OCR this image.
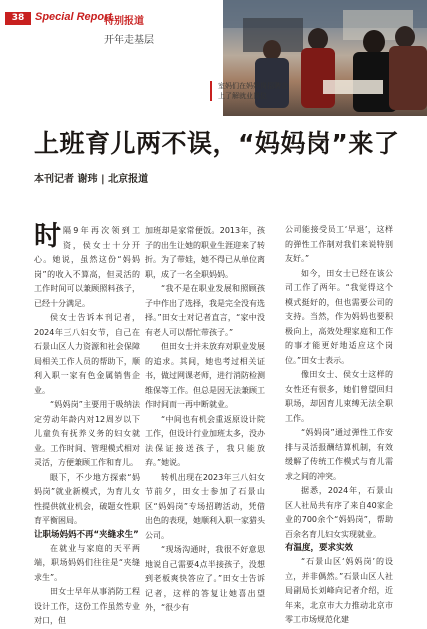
38 Special Report
特别报道
开年走基层
室妈们在妈妈岗招聘会上了解就业岗位
上班育儿两不误，“妈妈岗”来了
本刊记者 谢玮 | 北京报道

时隔9年再次领到工资，侯女士十分开心。她说，虽然这份“妈妈岗”的收入不算高，但灵活的工作时间可以兼顾照料孩子，已经十分满足。

侯女士告诉本刊记者，2024年三八妇女节，自己在石景山区人力资源和社会保障局相关工作人员的帮助下，顺利入职一家有色金属销售企业。

“妈妈岗”主要用于吸纳法定劳动年龄内对12周岁以下儿童负有抚养义务的妇女就业。工作时间、管理模式相对灵活，方便兼顾工作和育儿。

眼下，不少地方探索“妈妈岗”就业新模式，为育儿女性提供就业机会，破题女性职育平衡困局。

让职场妈妈不再“夹缝求生”

在就业与家庭的天平两端，职场妈妈们往往是“夹缝求生”。

田女士早年从事消防工程设计工作，这份工作虽然专业对口，但

加班却是家常便饭。2013年，孩子的出生让她的职业生涯迎来了转折。为了带娃，她不得已从单位离职，成了一名全职妈妈。

“我不是在职业发展和照顾孩子中作出了选择，我是完全没有选择。”田女士对记者直言，“家中没有老人可以帮忙带孩子。”

但田女士并未放弃对职业发展的追求。其间，她也考过相关证书，做过网课老师，进行消防检测维保等工作。但总是因无法兼顾工作时间而一再中断就业。

“中间也有机会重返原设计院工作，但设计行业加班太多，没办法保证接送孩子，我只能放弃。”她说。

转机出现在2023年三八妇女节前夕，田女士参加了石景山区“妈妈岗”专场招聘活动，凭借出色的表现，她顺利入职一家猎头公司。

“现场沟通时，我很不好意思地说自己需要4点半接孩子，没想到老板爽快答应了。”田女士告诉记者，这样的答复让她喜出望外，“很少有

公司能接受员工‘早退’，这样的弹性工作制对我们来说特别友好。”

如今，田女士已经在该公司工作了两年。“我觉得这个模式挺好的，但也需要公司的支持。当然，作为妈妈也要积极向上，高效处理家庭和工作的事才能更好地适应这个岗位。”田女士表示。

像田女士、侯女士这样的女性还有很多，她们曾望回归职场，却因育儿束缚无法全职工作。

“妈妈岗”通过弹性工作安排与灵活报酬结算机制，有效缓解了传统工作模式与育儿需求之间的冲突。

据悉，2024年，石景山区人社局共有序了来自40家企业的700余个“妈妈岗”，帮助百余名育儿妇女实现就业。

有温度，要求实效

“石景山区‘妈妈岗’的设立，并非偶然。”石景山区人社局副局长刘峰向记者介绍，近年来，北京市大力推动北京市零工市场规范化建
